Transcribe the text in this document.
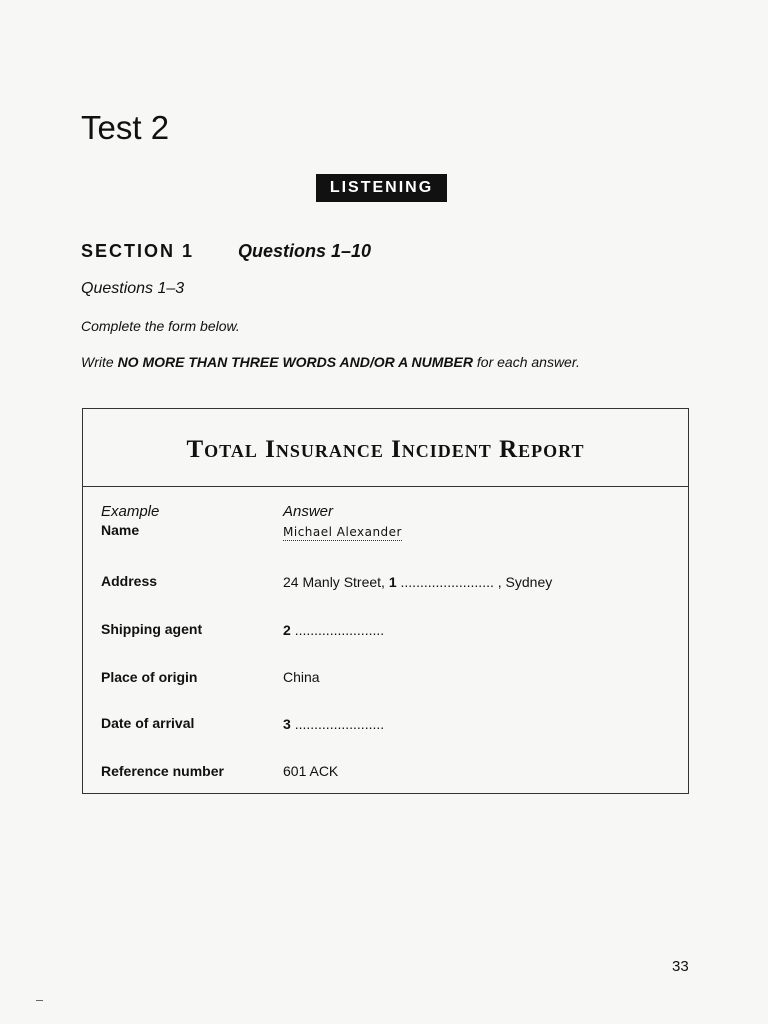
Test 2
LISTENING
SECTION 1 Questions 1–10
Questions 1–3
Complete the form below.
Write NO MORE THAN THREE WORDS AND/OR A NUMBER for each answer.
Total Insurance Incident Report
Example	Answer
Name	Michael Alexander
Address	24 Manly Street, 1 ........................ , Sydney
Shipping agent	2 .......................
Place of origin	China
Date of arrival	3 .......................
Reference number	601 ACK
33
